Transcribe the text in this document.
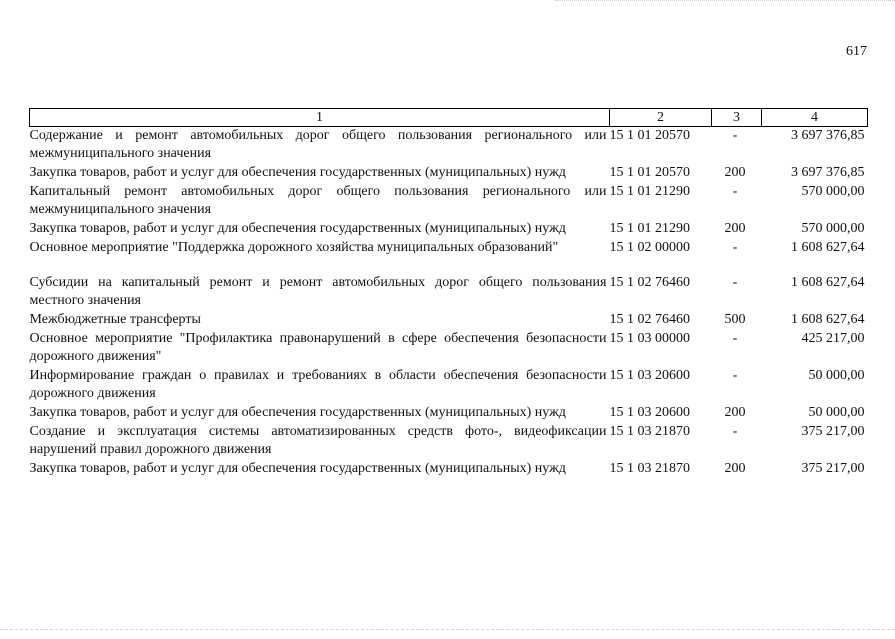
617
1	2	3	4
Содержание и ремонт автомобильных дорог общего пользования регионального или межмуниципального значения	15 1 01 20570	-	3 697 376,85
Закупка товаров, работ и услуг для обеспечения государственных (муниципальных) нужд	15 1 01 20570	200	3 697 376,85
Капитальный ремонт автомобильных дорог общего пользования регионального или межмуниципального значения	15 1 01 21290	-	570 000,00
Закупка товаров, работ и услуг для обеспечения государственных (муниципальных) нужд	15 1 01 21290	200	570 000,00
Основное мероприятие "Поддержка дорожного хозяйства муниципальных образований"	15 1 02 00000	-	1 608 627,64
Субсидии на капитальный ремонт и ремонт автомобильных дорог общего пользования местного значения	15 1 02 76460	-	1 608 627,64
Межбюджетные трансферты	15 1 02 76460	500	1 608 627,64
Основное мероприятие "Профилактика правонарушений в сфере обеспечения безопасности дорожного движения"	15 1 03 00000	-	425 217,00
Информирование граждан о правилах и требованиях в области обеспечения безопасности дорожного движения	15 1 03 20600	-	50 000,00
Закупка товаров, работ и услуг для обеспечения государственных (муниципальных) нужд	15 1 03 20600	200	50 000,00
Создание и эксплуатация системы автоматизированных средств фото-, видеофиксации нарушений правил дорожного движения	15 1 03 21870	-	375 217,00
Закупка товаров, работ и услуг для обеспечения государственных (муниципальных) нужд	15 1 03 21870	200	375 217,00
